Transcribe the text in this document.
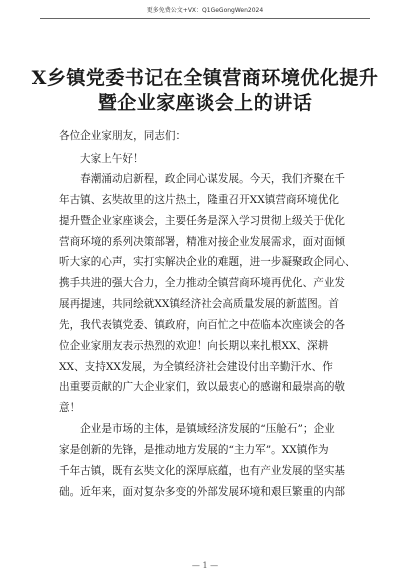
更多免费公文+VX：Q1GeGongWen2024
X乡镇党委书记在全镇营商环境优化提升
暨企业家座谈会上的讲话
各位企业家朋友，同志们：
大家上午好！
　　春潮涌动启新程，政企同心谋发展。今天，我们齐聚在千
年古镇、玄奘故里的这片热土，隆重召开XX镇营商环境优化
提升暨企业家座谈会，主要任务是深入学习贯彻上级关于优化
营商环境的系列决策部署，精准对接企业发展需求，面对面倾
听大家的心声，实打实解决企业的难题，进一步凝聚政企同心、
携手共进的强大合力，全力推动全镇营商环境再优化、产业发
展再提速，共同绘就XX镇经济社会高质量发展的新蓝图。首
先，我代表镇党委、镇政府，向百忙之中莅临本次座谈会的各
位企业家朋友表示热烈的欢迎！向长期以来扎根XX、深耕
XX、支持XX发展，为全镇经济社会建设付出辛勤汗水、作
出重要贡献的广大企业家们，致以最衷心的感谢和最崇高的敬
意！
　　企业是市场的主体，是镇域经济发展的“压舱石”；企业
家是创新的先锋，是推动地方发展的“主力军”。XX镇作为
千年古镇，既有玄奘文化的深厚底蕴，也有产业发展的坚实基
础。近年来，面对复杂多变的外部发展环境和艰巨繁重的内部
— 1 —
